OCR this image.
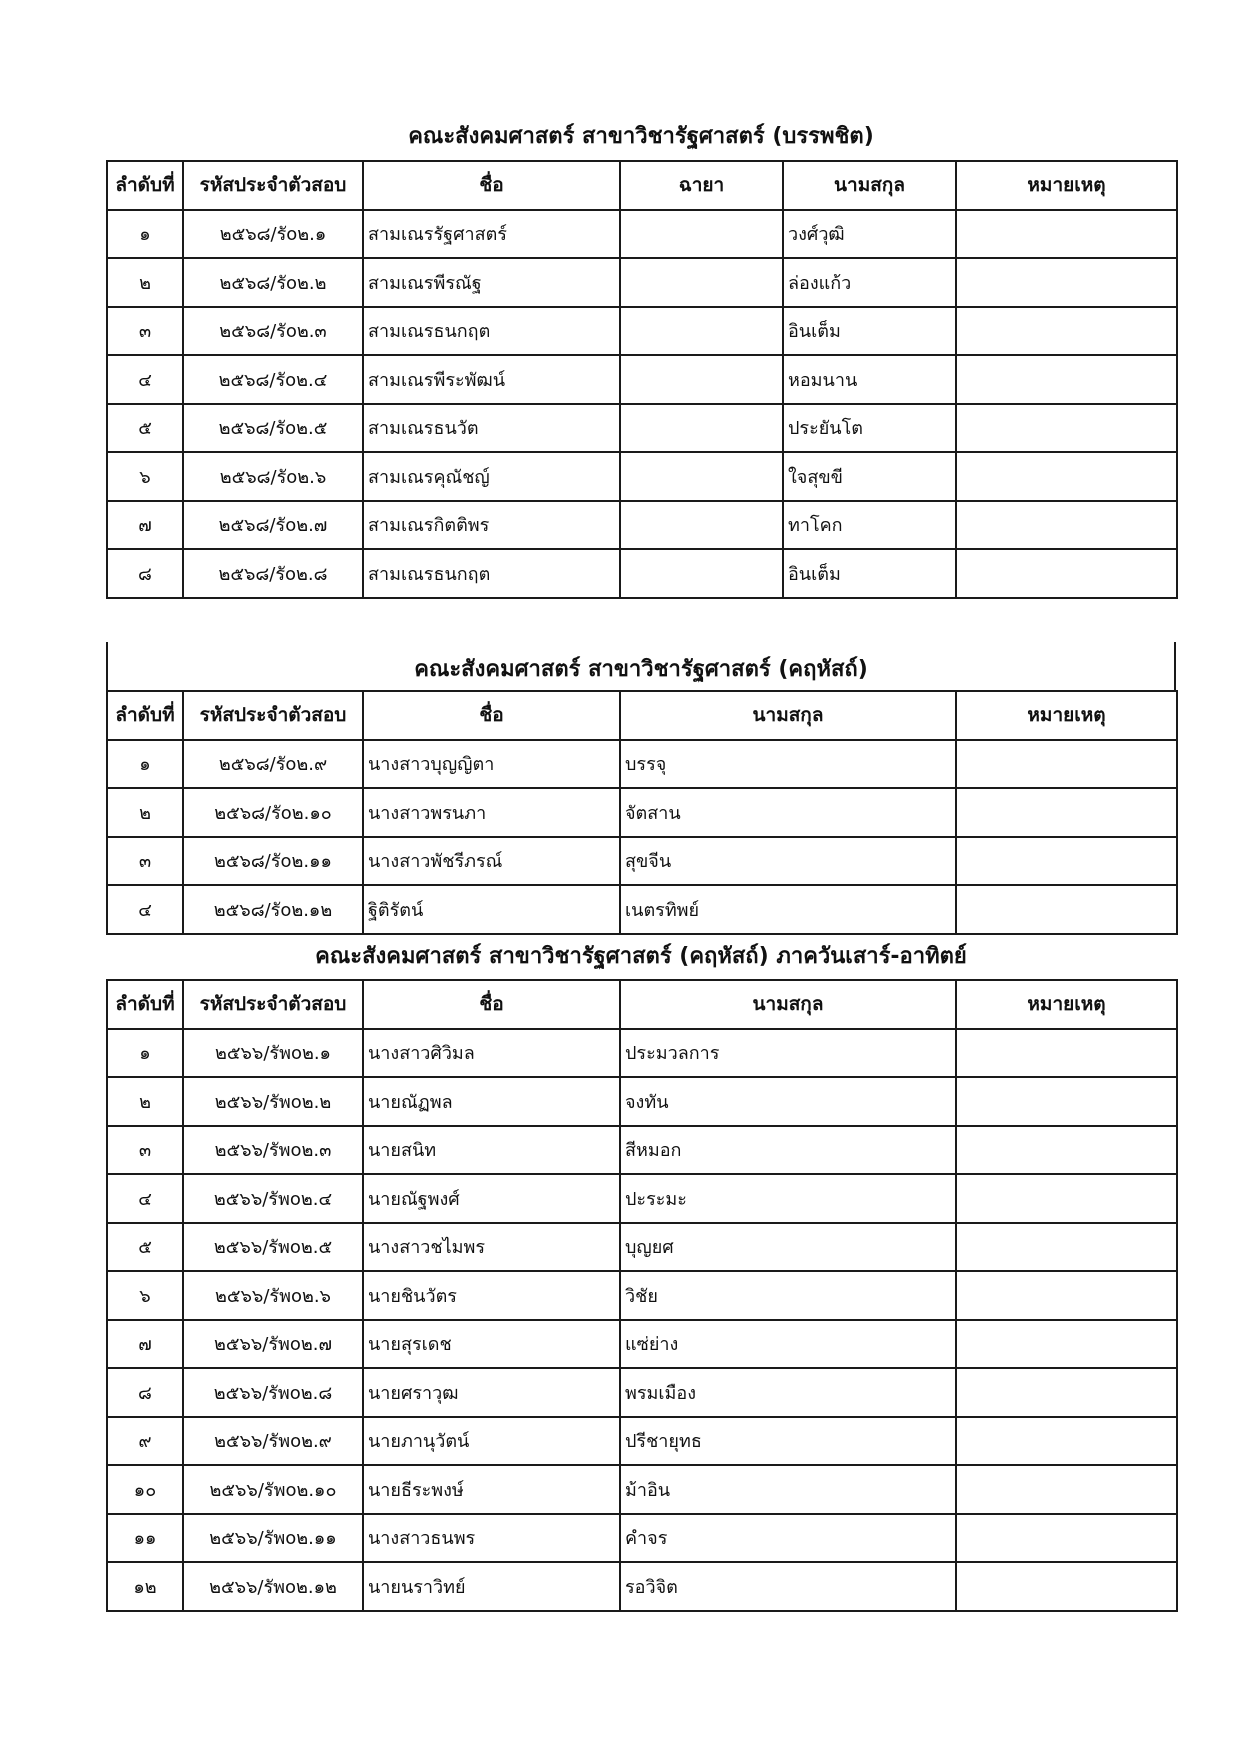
คณะสังคมศาสตร์ สาขาวิชารัฐศาสตร์ (บรรพชิต)
ลำดับที่	รหัสประจำตัวสอบ	ชื่อ	ฉายา	นามสกุล	หมายเหตุ
๑	๒๕๖๘/รัο๒.๑	สามเณรรัฐศาสตร์		วงศ์วุฒิ	
๒	๒๕๖๘/รัο๒.๒	สามเณรพีรณัฐ		ล่องแก้ว	
๓	๒๕๖๘/รัο๒.๓	สามเณรธนกฤต		อินเต็ม	
๔	๒๕๖๘/รัο๒.๔	สามเณรพีระพัฒน์		หอมนาน	
๕	๒๕๖๘/รัο๒.๕	สามเณรธนวัต		ประยันโต	
๖	๒๕๖๘/รัο๒.๖	สามเณรคุณัชญ์		ใจสุขขี	
๗	๒๕๖๘/รัο๒.๗	สามเณรกิตติพร		ทาโคก	
๘	๒๕๖๘/รัο๒.๘	สามเณรธนกฤต		อินเต็ม	
คณะสังคมศาสตร์ สาขาวิชารัฐศาสตร์ (คฤหัสถ์)
ลำดับที่	รหัสประจำตัวสอบ	ชื่อ	นามสกุล	หมายเหตุ
๑	๒๕๖๘/รัο๒.๙	นางสาวบุญญิตา	บรรจุ	
๒	๒๕๖๘/รัο๒.๑๐	นางสาวพรนภา	จัตสาน	
๓	๒๕๖๘/รัο๒.๑๑	นางสาวพัชรีภรณ์	สุขจีน	
๔	๒๕๖๘/รัο๒.๑๒	ฐิติรัตน์	เนตรทิพย์	
คณะสังคมศาสตร์ สาขาวิชารัฐศาสตร์ (คฤหัสถ์) ภาควันเสาร์-อาทิตย์
ลำดับที่	รหัสประจำตัวสอบ	ชื่อ	นามสกุล	หมายเหตุ
๑	๒๕๖๖/รัพο๒.๑	นางสาวศิวิมล	ประมวลการ	
๒	๒๕๖๖/รัพο๒.๒	นายณัฏพล	จงทัน	
๓	๒๕๖๖/รัพο๒.๓	นายสนิท	สีหมอก	
๔	๒๕๖๖/รัพο๒.๔	นายณัฐพงศ์	ปะระมะ	
๕	๒๕๖๖/รัพο๒.๕	นางสาวชไมพร	บุญยศ	
๖	๒๕๖๖/รัพο๒.๖	นายชินวัตร	วิชัย	
๗	๒๕๖๖/รัพο๒.๗	นายสุรเดช	แซ่ย่าง	
๘	๒๕๖๖/รัพο๒.๘	นายศราวุฒ	พรมเมือง	
๙	๒๕๖๖/รัพο๒.๙	นายภานุวัตน์	ปรีชายุทธ	
๑๐	๒๕๖๖/รัพο๒.๑๐	นายธีระพงษ์	ม้าอิน	
๑๑	๒๕๖๖/รัพο๒.๑๑	นางสาวธนพร	คำจร	
๑๒	๒๕๖๖/รัพο๒.๑๒	นายนราวิทย์	รอวิจิต	
